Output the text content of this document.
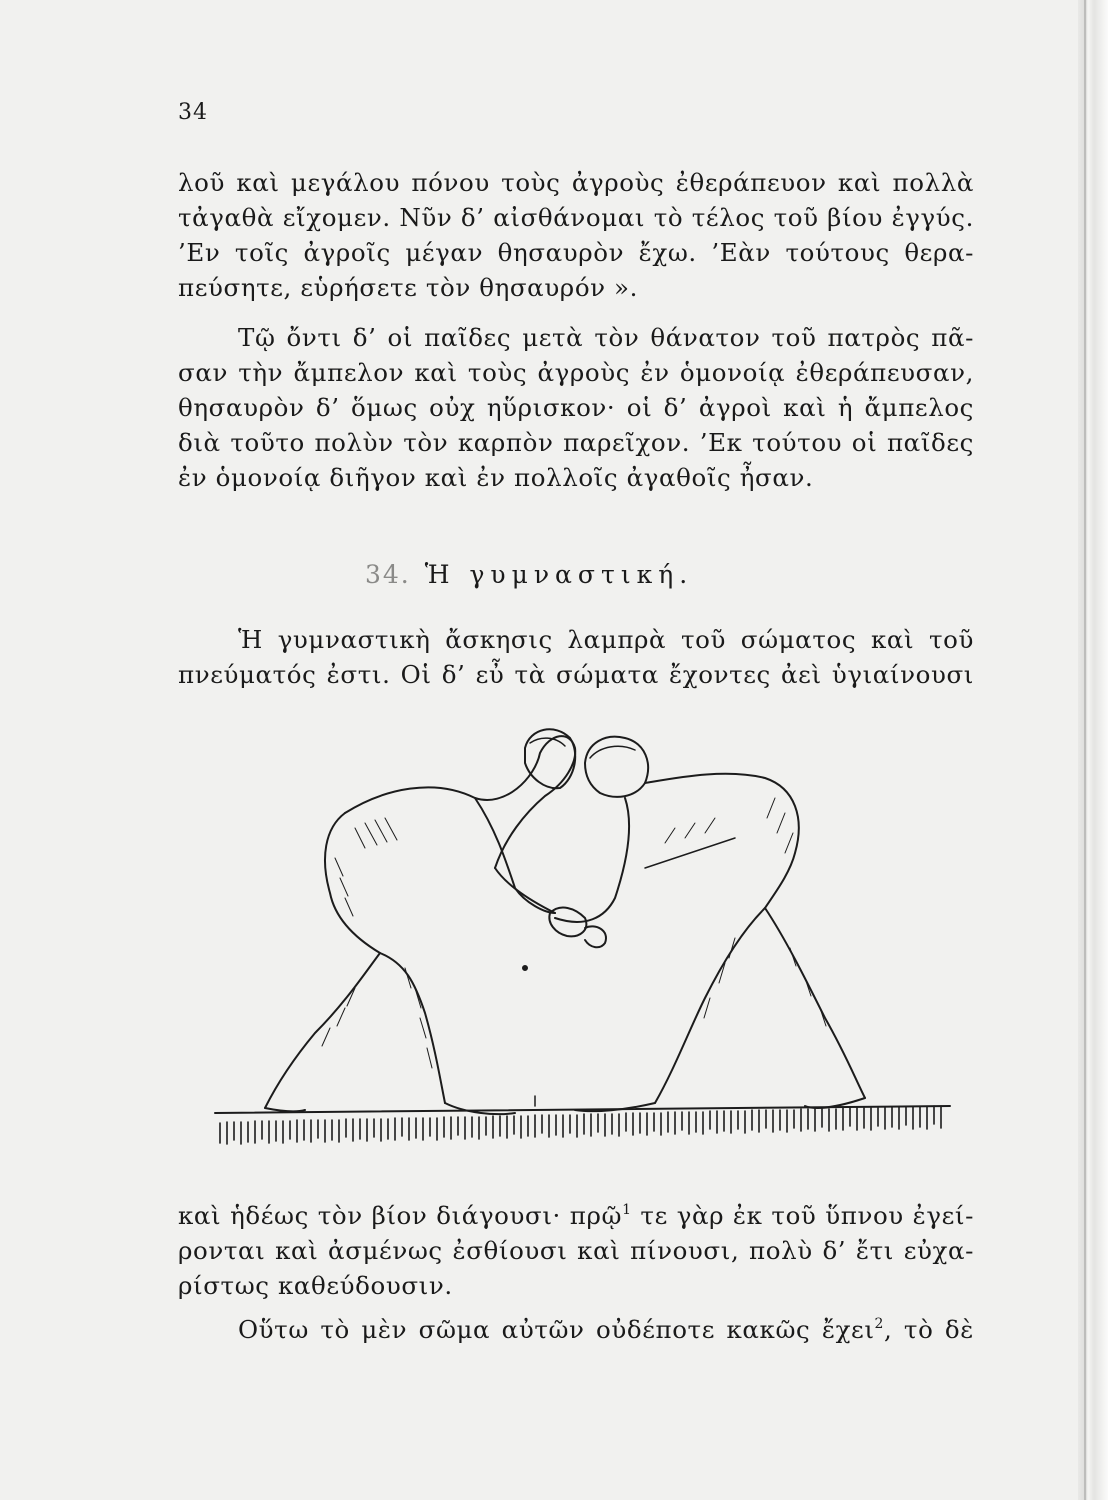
34
λοῦ καὶ μεγάλου πόνου τοὺς ἀγροὺς ἐθεράπευον καὶ πολλὰ
τἀγαθὰ εἴχομεν. Νῦν δ’ αἰσθάνομαι τὸ τέλος τοῦ βίου ἐγγύς.
’Εν τοῖς ἀγροῖς μέγαν θησαυρὸν ἔχω. ’Εὰν τούτους θερα-
πεύσητε, εὑρήσετε τὸν θησαυρόν ».
Τῷ ὄντι δ’ οἱ παῖδες μετὰ τὸν θάνατον τοῦ πατρὸς πᾶ-
σαν τὴν ἄμπελον καὶ τοὺς ἀγροὺς ἐν ὁμονοίᾳ ἐθεράπευσαν,
θησαυρὸν δ’ ὅμως οὐχ ηὕρισκον· οἱ δ’ ἀγροὶ καὶ ἡ ἄμπελος
διὰ τοῦτο πολὺν τὸν καρπὸν παρεῖχον. ’Εκ τούτου οἱ παῖδες
ἐν ὁμονοίᾳ διῆγον καὶ ἐν πολλοῖς ἀγαθοῖς ἦσαν.
34. Ἡ γυμναστική.
Ἡ γυμναστικὴ ἄσκησις λαμπρὰ τοῦ σώματος καὶ τοῦ
πνεύματός ἐστι. Οἱ δ’ εὖ τὰ σώματα ἔχοντες ἀεὶ ὑγιαίνουσι
καὶ ἡδέως τὸν βίον διάγουσι· πρῷ$^1$ τε γὰρ ἐκ τοῦ ὕπνου ἐγεί-
ρονται καὶ ἀσμένως ἐσθίουσι καὶ πίνουσι, πολὺ δ’ ἔτι εὐχα-
ρίστως καθεύδουσιν.
Οὕτω τὸ μὲν σῶμα αὐτῶν οὐδέποτε κακῶς ἔχει$^2$, τὸ δὲ
